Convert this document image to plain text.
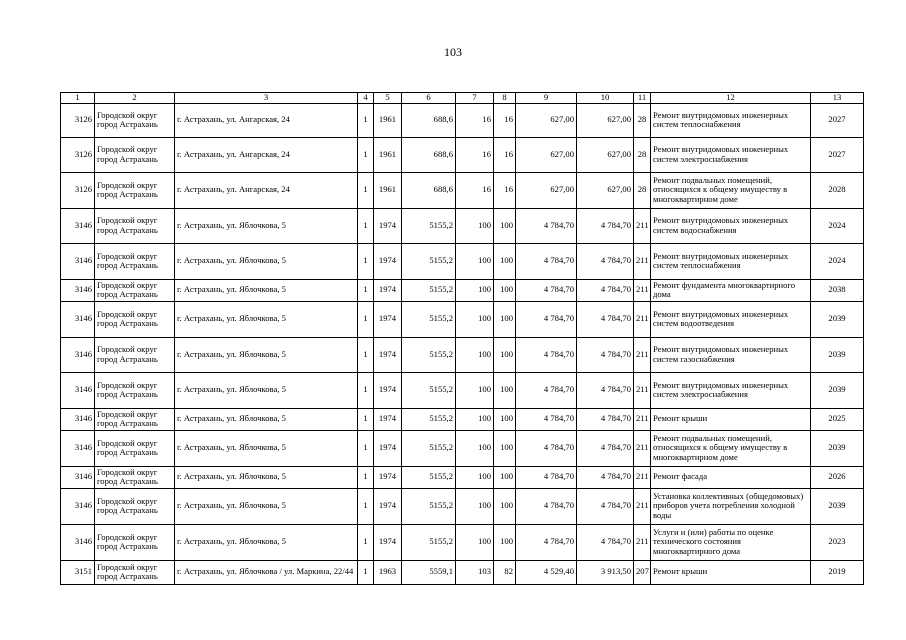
103
1	2	3	4	5	6	7	8	9	10	11	12	13
3126	Городской округ город Астрахань	г. Астрахань, ул. Ангарская, 24	1	1961	688,6	16	16	627,00	627,00	28	Ремонт внутридомовых инженерных систем теплоснабжения	2027
3126	Городской округ город Астрахань	г. Астрахань, ул. Ангарская, 24	1	1961	688,6	16	16	627,00	627,00	28	Ремонт внутридомовых инженерных систем электроснабжения	2027
3126	Городской округ город Астрахань	г. Астрахань, ул. Ангарская, 24	1	1961	688,6	16	16	627,00	627,00	28	Ремонт подвальных помещений, относящихся к общему имуществу в многоквартирном доме	2028
3146	Городской округ город Астрахань	г. Астрахань, ул. Яблочкова, 5	1	1974	5155,2	100	100	4 784,70	4 784,70	211	Ремонт внутридомовых инженерных систем водоснабжения	2024
3146	Городской округ город Астрахань	г. Астрахань, ул. Яблочкова, 5	1	1974	5155,2	100	100	4 784,70	4 784,70	211	Ремонт внутридомовых инженерных систем теплоснабжения	2024
3146	Городской округ город Астрахань	г. Астрахань, ул. Яблочкова, 5	1	1974	5155,2	100	100	4 784,70	4 784,70	211	Ремонт фундамента многоквартирного дома	2038
3146	Городской округ город Астрахань	г. Астрахань, ул. Яблочкова, 5	1	1974	5155,2	100	100	4 784,70	4 784,70	211	Ремонт внутридомовых инженерных систем водоотведения	2039
3146	Городской округ город Астрахань	г. Астрахань, ул. Яблочкова, 5	1	1974	5155,2	100	100	4 784,70	4 784,70	211	Ремонт внутридомовых инженерных систем газоснабжения	2039
3146	Городской округ город Астрахань	г. Астрахань, ул. Яблочкова, 5	1	1974	5155,2	100	100	4 784,70	4 784,70	211	Ремонт внутридомовых инженерных систем электроснабжения	2039
3146	Городской округ город Астрахань	г. Астрахань, ул. Яблочкова, 5	1	1974	5155,2	100	100	4 784,70	4 784,70	211	Ремонт крыши	2025
3146	Городской округ город Астрахань	г. Астрахань, ул. Яблочкова, 5	1	1974	5155,2	100	100	4 784,70	4 784,70	211	Ремонт подвальных помещений, относящихся к общему имуществу в многоквартирном доме	2039
3146	Городской округ город Астрахань	г. Астрахань, ул. Яблочкова, 5	1	1974	5155,2	100	100	4 784,70	4 784,70	211	Ремонт фасада	2026
3146	Городской округ город Астрахань	г. Астрахань, ул. Яблочкова, 5	1	1974	5155,2	100	100	4 784,70	4 784,70	211	Установка коллективных (общедомовых) приборов учета потребления холодной воды	2039
3146	Городской округ город Астрахань	г. Астрахань, ул. Яблочкова, 5	1	1974	5155,2	100	100	4 784,70	4 784,70	211	Услуги и (или) работы по оценке технического состояния многоквартирного дома	2023
3151	Городской округ город Астрахань	г. Астрахань, ул. Яблочкова / ул. Маркина, 22/44	1	1963	5559,1	103	82	4 529,40	3 913,50	207	Ремонт крыши	2019
